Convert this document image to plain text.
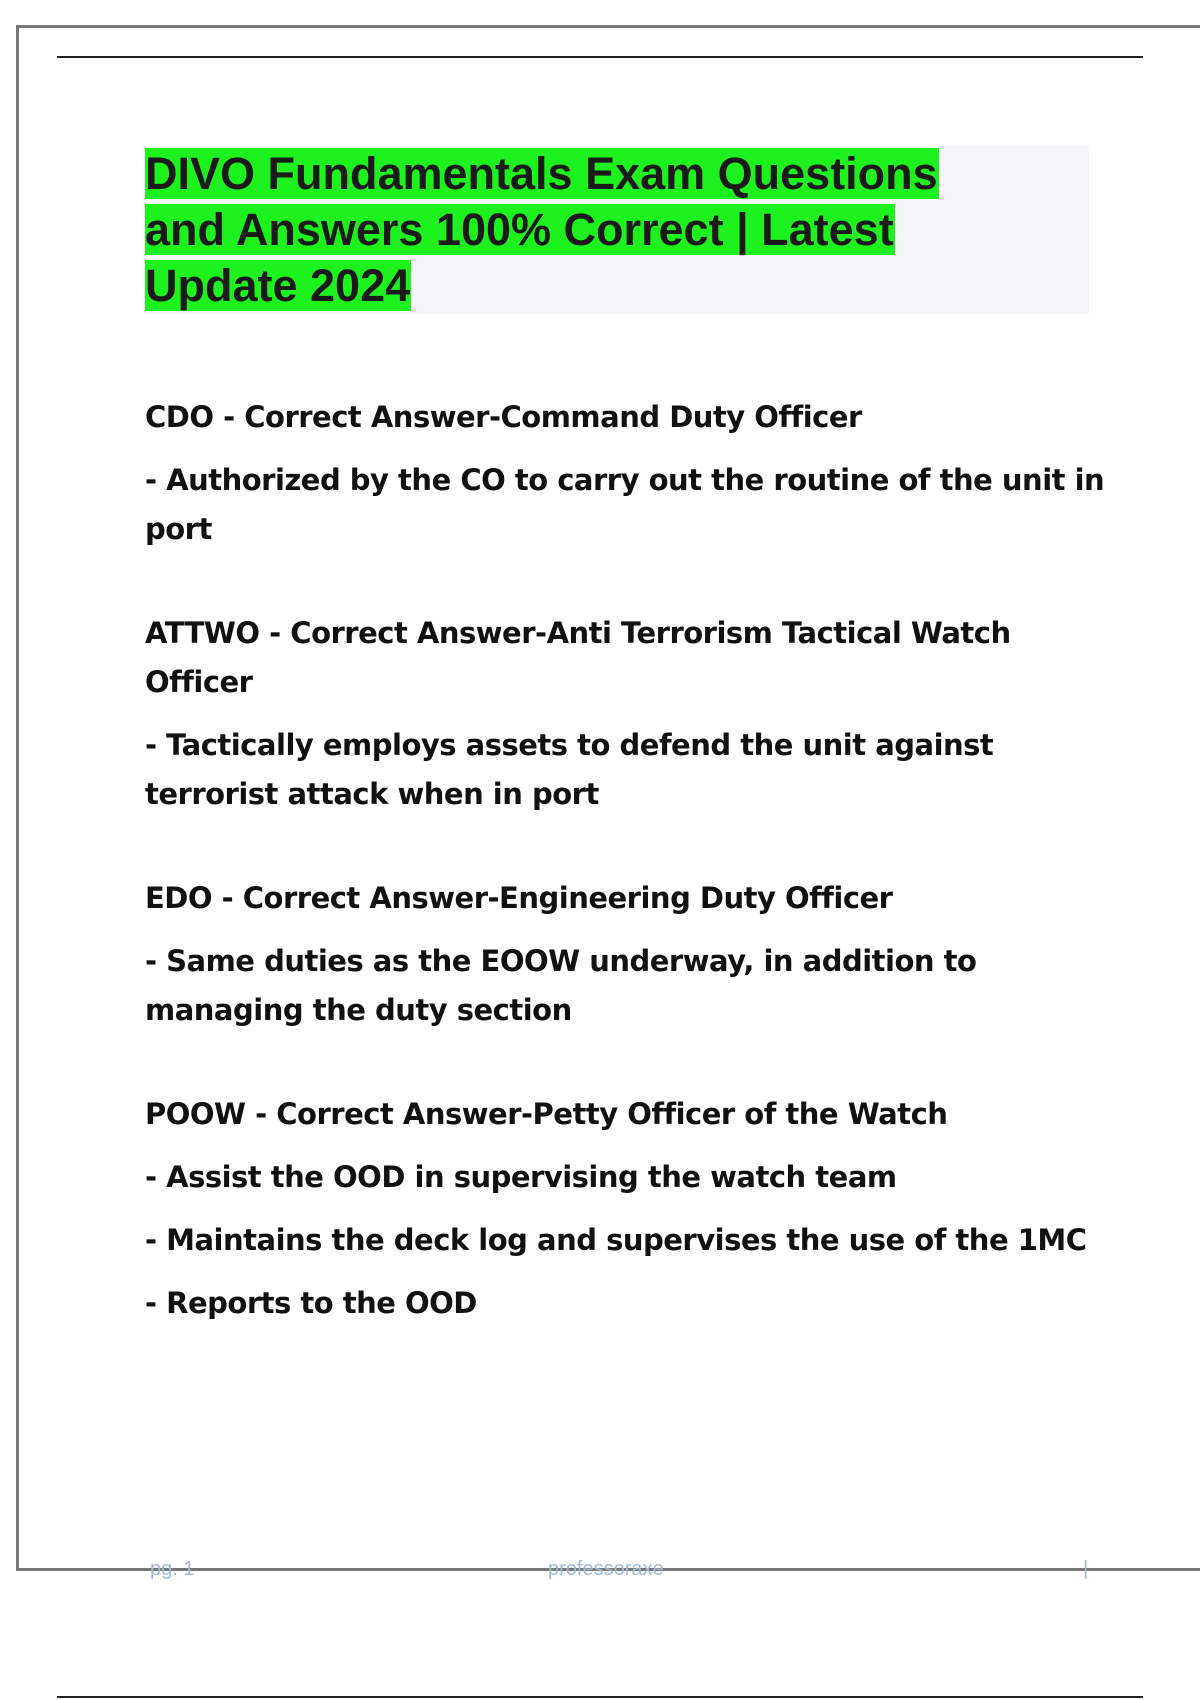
DIVO Fundamentals Exam Questions
and Answers 100% Correct | Latest
Update 2024

CDO - Correct Answer-Command Duty Officer

- Authorized by the CO to carry out the routine of the unit in port

ATTWO - Correct Answer-Anti Terrorism Tactical Watch Officer

- Tactically employs assets to defend the unit against terrorist attack when in port

EDO - Correct Answer-Engineering Duty Officer

- Same duties as the EOOW underway, in addition to managing the duty section

POOW - Correct Answer-Petty Officer of the Watch

- Assist the OOD in supervising the watch team

- Maintains the deck log and supervises the use of the 1MC

- Reports to the OOD

pg. 1	professoraxe	|
